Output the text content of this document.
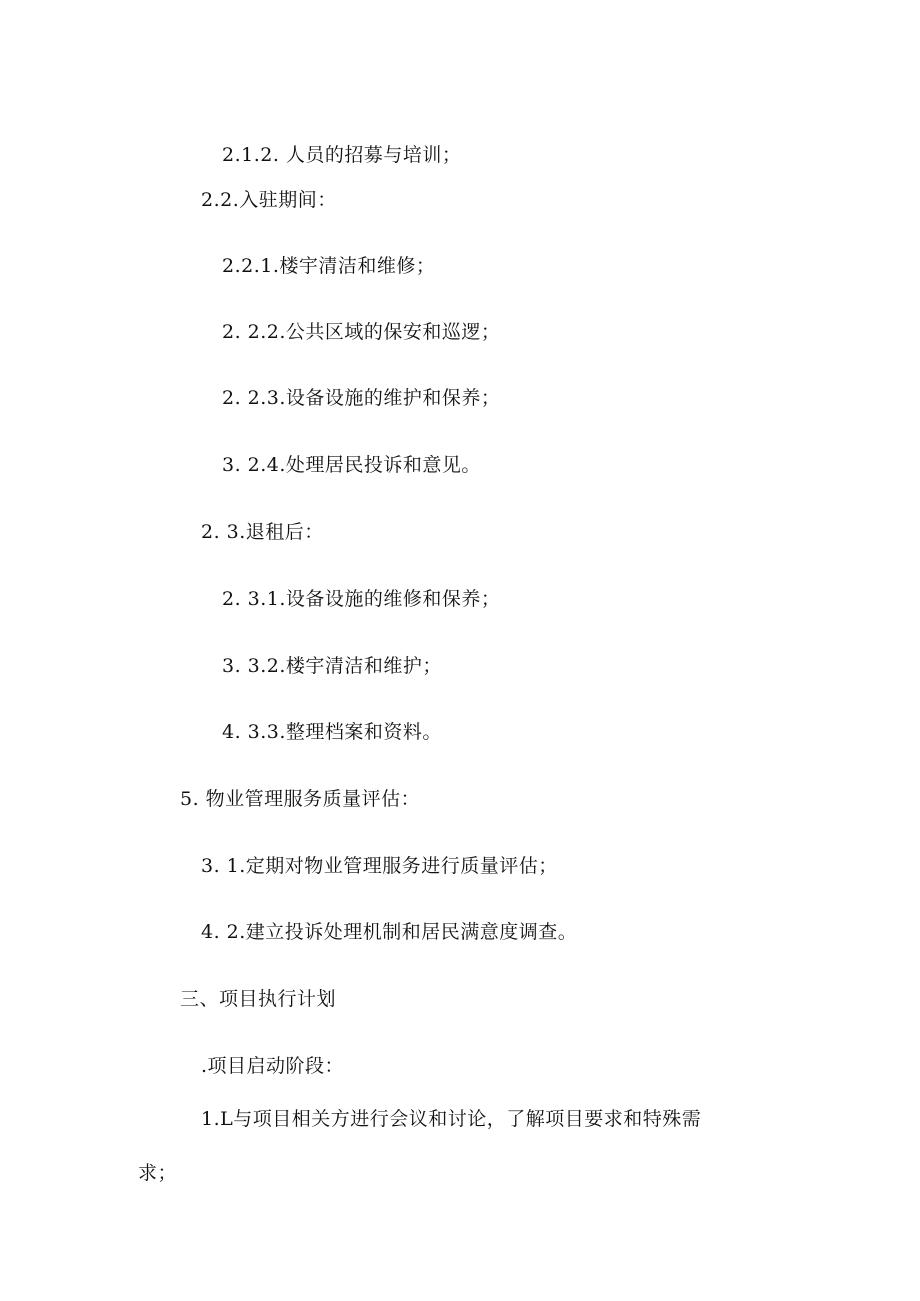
2.1.2. 人员的招募与培训；
2.2.入驻期间：
2.2.1.楼宇清洁和维修；
2. 2.2.公共区域的保安和巡逻；
2. 2.3.设备设施的维护和保养；
3. 2.4.处理居民投诉和意见。
2. 3.退租后：
2. 3.1.设备设施的维修和保养；
3. 3.2.楼宇清洁和维护；
4. 3.3.整理档案和资料。
5. 物业管理服务质量评估：
3. 1.定期对物业管理服务进行质量评估；
4. 2.建立投诉处理机制和居民满意度调查。
三、项目执行计划
.项目启动阶段：
1.L与项目相关方进行会议和讨论，了解项目要求和特殊需
求；
